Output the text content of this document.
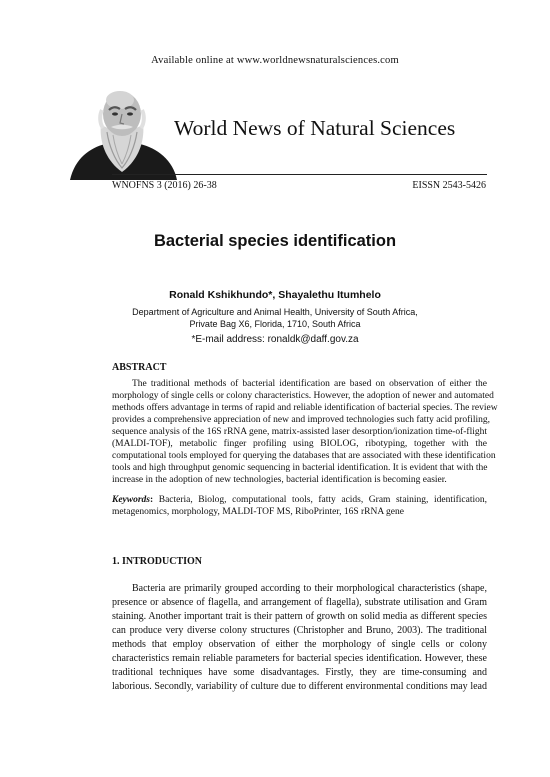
Available online at www.worldnewsnaturalsciences.com
World News of Natural Sciences
WNOFNS 3 (2016) 26-38	EISSN 2543-5426
Bacterial species identification
Ronald Kshikhundo*, Shayalethu Itumhelo
Department of Agriculture and Animal Health, University of South Africa,
Private Bag X6, Florida, 1710, South Africa
*E-mail address: ronaldk@daff.gov.za
ABSTRACT
The traditional methods of bacterial identification are based on observation of either the
morphology of single cells or colony characteristics. However, the adoption of newer and automated
methods offers advantage in terms of rapid and reliable identification of bacterial species. The review
provides a comprehensive appreciation of new and improved technologies such fatty acid profiling,
sequence analysis of the 16S rRNA gene, matrix-assisted laser desorption/ionization time-of-flight
(MALDI-TOF), metabolic finger profiling using BIOLOG, ribotyping, together with the
computational tools employed for querying the databases that are associated with these identification
tools and high throughput genomic sequencing in bacterial identification. It is evident that with the
increase in the adoption of new technologies, bacterial identification is becoming easier.
Keywords: Bacteria, Biolog, computational tools, fatty acids, Gram staining, identification,
metagenomics, morphology, MALDI-TOF MS, RiboPrinter, 16S rRNA gene
1. INTRODUCTION
Bacteria are primarily grouped according to their morphological characteristics (shape,
presence or absence of flagella, and arrangement of flagella), substrate utilisation and Gram
staining. Another important trait is their pattern of growth on solid media as different species
can produce very diverse colony structures (Christopher and Bruno, 2003). The traditional
methods that employ observation of either the morphology of single cells or colony
characteristics remain reliable parameters for bacterial species identification. However, these
traditional techniques have some disadvantages. Firstly, they are time-consuming and
laborious. Secondly, variability of culture due to different environmental conditions may lead
